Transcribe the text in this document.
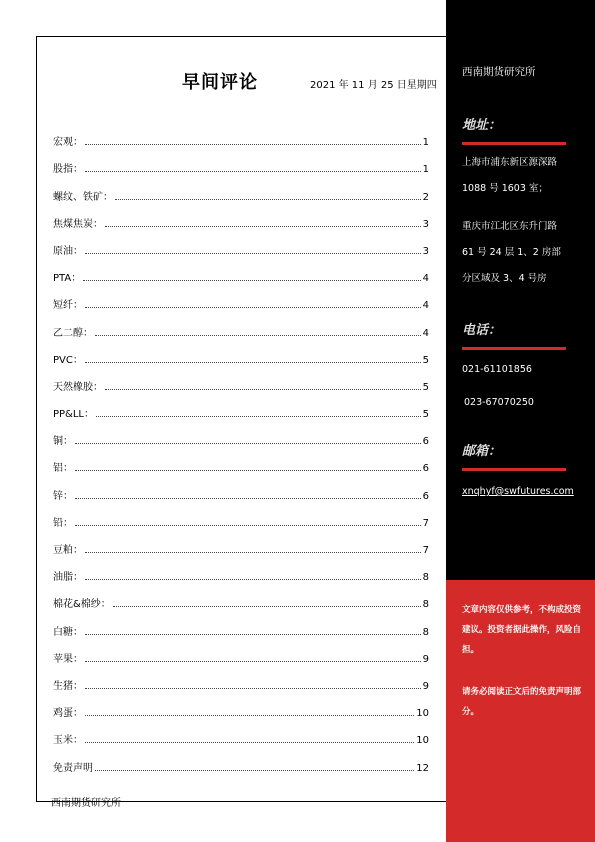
早间评论	2021 年 11 月 25 日星期四
宏观：	1
股指：	1
螺纹、铁矿：	2
焦煤焦炭：	3
原油：	3
PTA：	4
短纤：	4
乙二醇：	4
PVC：	5
天然橡胶：	5
PP&LL：	5
铜：	6
铝：	6
锌：	6
铅：	7
豆粕：	7
油脂：	8
棉花&棉纱：	8
白糖：	8
苹果：	9
生猪：	9
鸡蛋：	10
玉米：	10
免责声明	12
西南期货研究所
西南期货研究所
地址：
上海市浦东新区源深路
1088 号 1603 室；
重庆市江北区东升门路
61 号 24 层 1、2 房部
分区域及 3、4 号房
电话：
021-61101856
023-67070250
邮箱：
xnqhyf@swfutures.com
文章内容仅供参考，不构成投资建议。投资者据此操作，风险自担。
请务必阅读正文后的免责声明部分。
